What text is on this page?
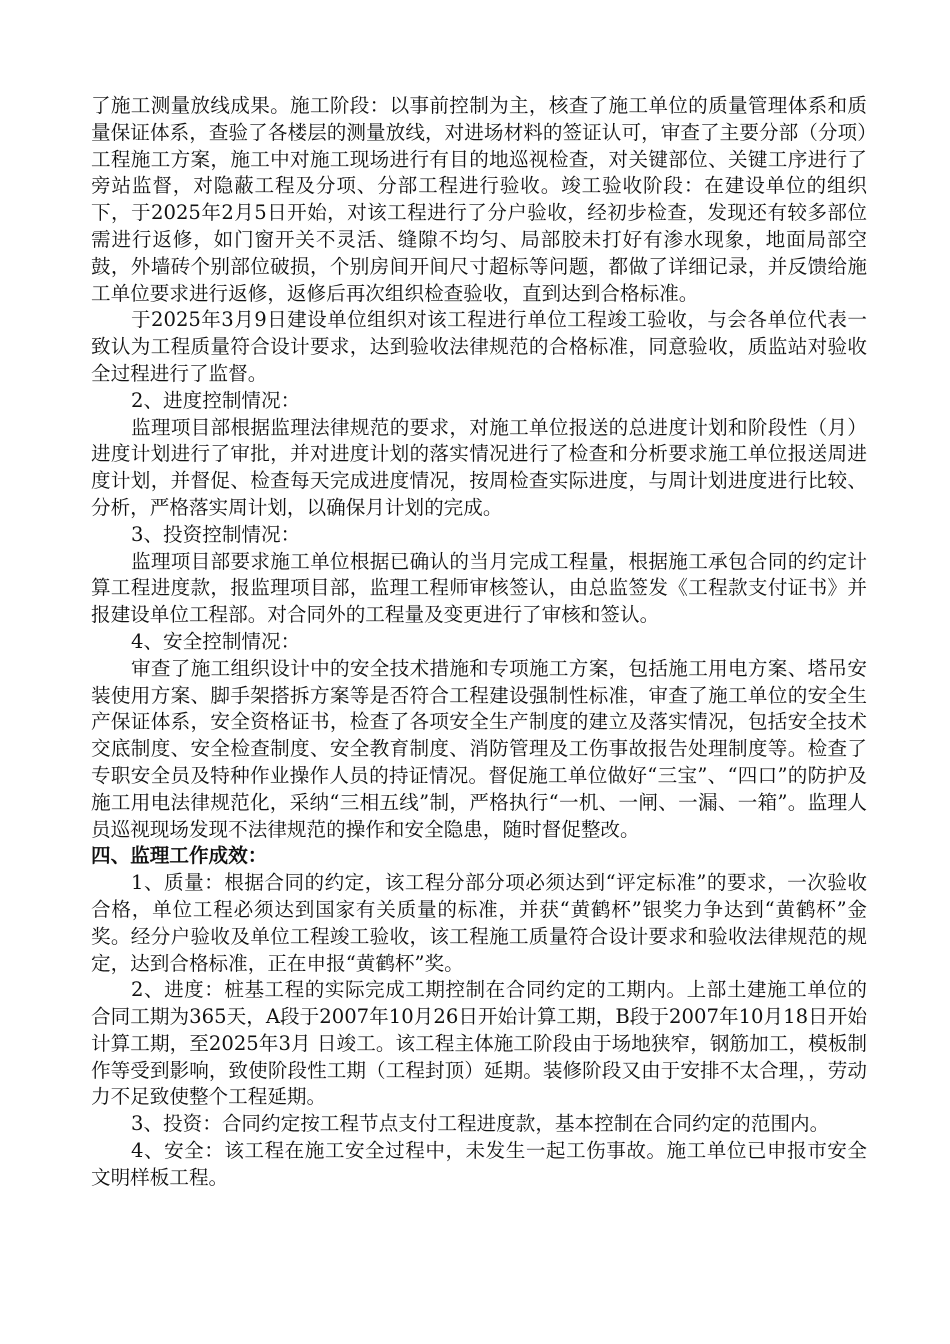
了施工测量放线成果。施工阶段：以事前控制为主，核查了施工单位的质量管理体系和质量保证体系，查验了各楼层的测量放线，对进场材料的签证认可，审查了主要分部（分项）工程施工方案，施工中对施工现场进行有目的地巡视检查，对关键部位、关键工序进行了旁站监督，对隐蔽工程及分项、分部工程进行验收。竣工验收阶段：在建设单位的组织下，于2025年2月5日开始，对该工程进行了分户验收，经初步检查，发现还有较多部位需进行返修，如门窗开关不灵活、缝隙不均匀、局部胶未打好有渗水现象，地面局部空鼓，外墙砖个别部位破损，个别房间开间尺寸超标等问题，都做了详细记录，并反馈给施工单位要求进行返修，返修后再次组织检查验收，直到达到合格标准。

于2025年3月9日建设单位组织对该工程进行单位工程竣工验收，与会各单位代表一致认为工程质量符合设计要求，达到验收法律规范的合格标准，同意验收，质监站对验收全过程进行了监督。

2、进度控制情况：

监理项目部根据监理法律规范的要求，对施工单位报送的总进度计划和阶段性（月）进度计划进行了审批，并对进度计划的落实情况进行了检查和分析要求施工单位报送周进度计划，并督促、检查每天完成进度情况，按周检查实际进度，与周计划进度进行比较、分析，严格落实周计划，以确保月计划的完成。

3、投资控制情况：

监理项目部要求施工单位根据已确认的当月完成工程量，根据施工承包合同的约定计算工程进度款，报监理项目部，监理工程师审核签认，由总监签发《工程款支付证书》并报建设单位工程部。对合同外的工程量及变更进行了审核和签认。

4、安全控制情况：

审查了施工组织设计中的安全技术措施和专项施工方案，包括施工用电方案、塔吊安装使用方案、脚手架搭拆方案等是否符合工程建设强制性标准，审查了施工单位的安全生产保证体系，安全资格证书，检查了各项安全生产制度的建立及落实情况，包括安全技术交底制度、安全检查制度、安全教育制度、消防管理及工伤事故报告处理制度等。检查了专职安全员及特种作业操作人员的持证情况。督促施工单位做好“三宝”、“四口”的防护及施工用电法律规范化，采纳“三相五线”制，严格执行“一机、一闸、一漏、一箱”。监理人员巡视现场发现不法律规范的操作和安全隐患，随时督促整改。

四、监理工作成效：

1、质量：根据合同的约定，该工程分部分项必须达到“评定标准”的要求，一次验收合格，单位工程必须达到国家有关质量的标准，并获“黄鹤杯”银奖力争达到“黄鹤杯”金奖。经分户验收及单位工程竣工验收，该工程施工质量符合设计要求和验收法律规范的规定，达到合格标准，正在申报“黄鹤杯”奖。

2、进度：桩基工程的实际完成工期控制在合同约定的工期内。上部土建施工单位的合同工期为365天，A段于2007年10月26日开始计算工期，B段于2007年10月18日开始计算工期，至2025年3月 日竣工。该工程主体施工阶段由于场地狭窄，钢筋加工，模板制作等受到影响，致使阶段性工期（工程封顶）延期。装修阶段又由于安排不太合理，，劳动力不足致使整个工程延期。

3、投资：合同约定按工程节点支付工程进度款，基本控制在合同约定的范围内。

4、安全：该工程在施工安全过程中，未发生一起工伤事故。施工单位已申报市安全文明样板工程。
